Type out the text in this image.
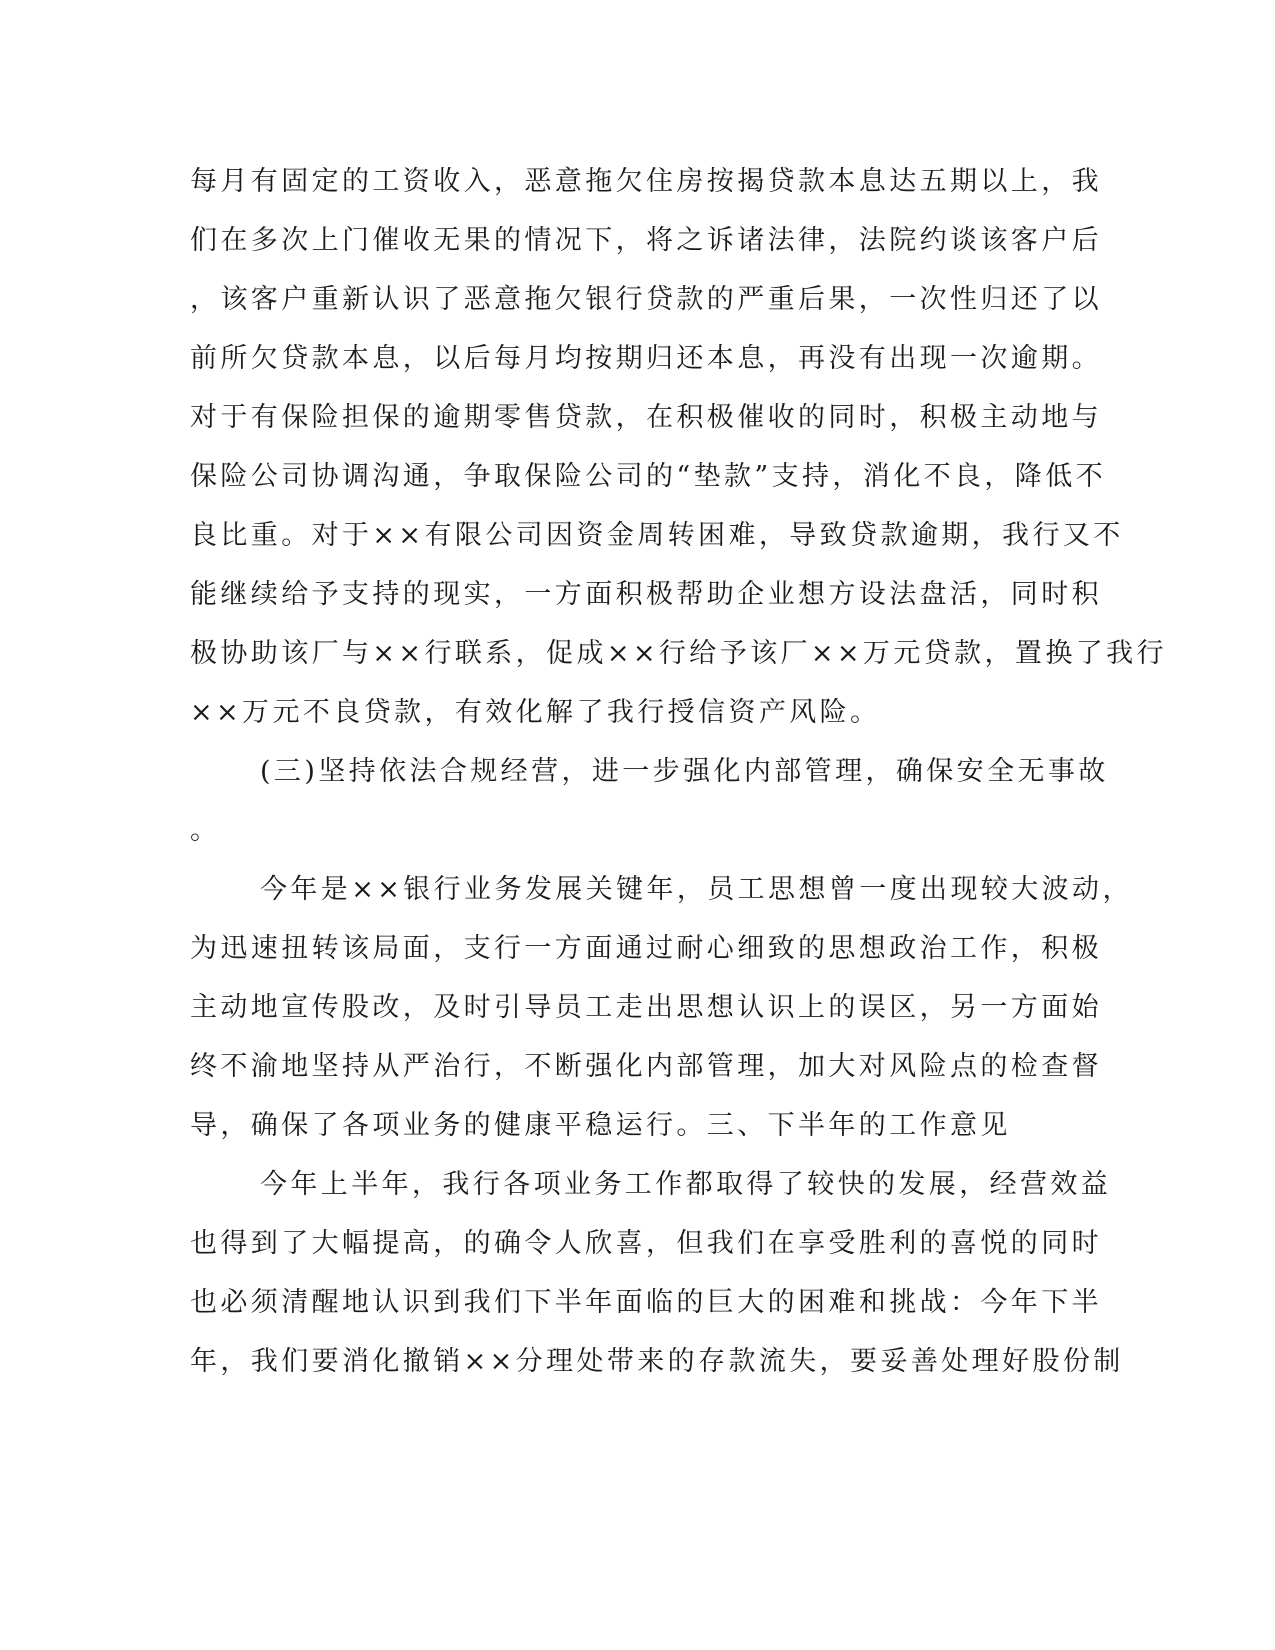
每月有固定的工资收入，恶意拖欠住房按揭贷款本息达五期以上，我
们在多次上门催收无果的情况下，将之诉诸法律，法院约谈该客户后
，该客户重新认识了恶意拖欠银行贷款的严重后果，一次性归还了以
前所欠贷款本息，以后每月均按期归还本息，再没有出现一次逾期。
对于有保险担保的逾期零售贷款，在积极催收的同时，积极主动地与
保险公司协调沟通，争取保险公司的“垫款”支持，消化不良，降低不
良比重。对于××有限公司因资金周转困难，导致贷款逾期，我行又不
能继续给予支持的现实，一方面积极帮助企业想方设法盘活，同时积
极协助该厂与××行联系，促成××行给予该厂××万元贷款，置换了我行
××万元不良贷款，有效化解了我行授信资产风险。
(三)坚持依法合规经营，进一步强化内部管理，确保安全无事故
。
今年是××银行业务发展关键年，员工思想曾一度出现较大波动，
为迅速扭转该局面，支行一方面通过耐心细致的思想政治工作，积极
主动地宣传股改，及时引导员工走出思想认识上的误区，另一方面始
终不渝地坚持从严治行，不断强化内部管理，加大对风险点的检查督
导，确保了各项业务的健康平稳运行。三、下半年的工作意见
今年上半年，我行各项业务工作都取得了较快的发展，经营效益
也得到了大幅提高，的确令人欣喜，但我们在享受胜利的喜悦的同时
也必须清醒地认识到我们下半年面临的巨大的困难和挑战：今年下半
年，我们要消化撤销××分理处带来的存款流失，要妥善处理好股份制
